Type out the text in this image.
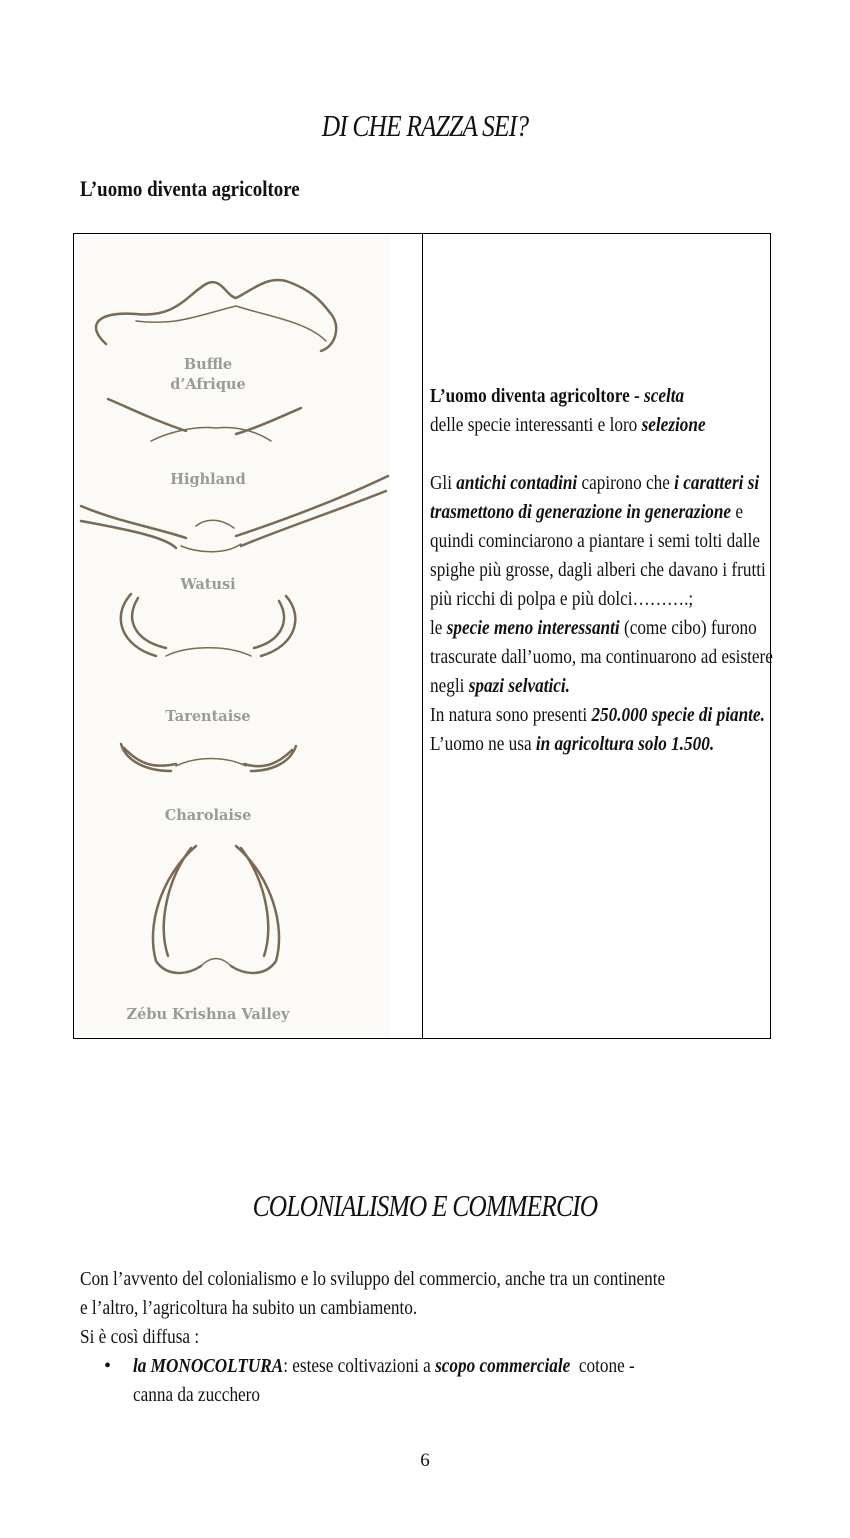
DI CHE RAZZA SEI?
L’uomo diventa agricoltore
Buffle
d’Afrique
Highland
Watusi
Tarentaise
Charolaise
Zébu Krishna Valley

L’uomo diventa agricoltore - scelta
delle specie interessanti e loro selezione

Gli antichi contadini capirono che i caratteri si trasmettono di generazione in generazione e quindi cominciarono a piantare i semi tolti dalle spighe più grosse, dagli alberi che davano i frutti più ricchi di polpa e più dolci……….;

le specie meno interessanti (come cibo) furono trascurate dall’uomo, ma continuarono ad esistere negli spazi selvatici.

In natura sono presenti 250.000 specie di piante.

L’uomo ne usa in agricoltura solo 1.500.

COLONIALISMO E COMMERCIO
Con l’avvento del colonialismo e lo sviluppo del commercio, anche tra un continente
e l’altro, l’agricoltura ha subito un cambiamento.
Si è così diffusa :
• la MONOCOLTURA: estese coltivazioni a scopo commerciale  cotone -
canna da zucchero
6
